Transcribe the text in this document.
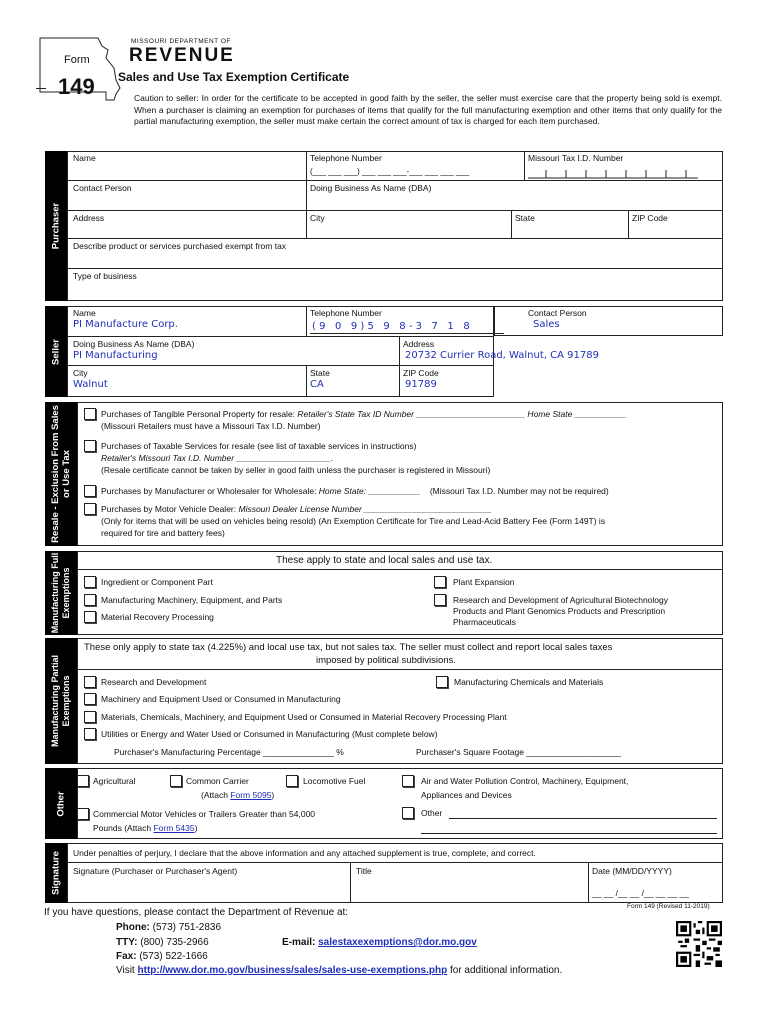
Form
149
MISSOURI DEPARTMENT OF
REVENUE
Sales and Use Tax Exemption Certificate
Caution to seller: In order for the certificate to be accepted in good faith by the seller, the seller must exercise care that the property being sold is exempt. When a purchaser is claiming an exemption for purchases of items that qualify for the full manufacturing exemption and other items that only qualify for the partial manufacturing exemption, the seller must make certain the correct amount of tax is charged for each item purchased.
Purchaser
Name	Telephone Number
(___ ___ ___) ___ ___ ___-___ ___ ___ ___
Missouri Tax I.D. Number
Contact Person	Doing Business As Name (DBA)
Address	City	State	ZIP Code
Describe product or services purchased exempt from tax
Type of business
Seller
Name
PI Manufacture Corp.
Telephone Number
( 9   0   9 ) 5   9   8 - 3   7   1   8
Contact Person
Sales
Doing Business As Name (DBA)
PI Manufacturing
Address
20732 Currier Road, Walnut, CA 91789
City
Walnut
State
CA
ZIP Code
91789
Resale - Exclusion From Sales or Use Tax
Purchases of Tangible Personal Property for resale: Retailer's State Tax ID Number _______________________ Home State ___________
(Missouri Retailers must have a Missouri Tax I.D. Number)
Purchases of Taxable Services for resale (see list of taxable services in instructions)
Retailer's Missouri Tax I.D. Number ____________________.
(Resale certificate cannot be taken by seller in good faith unless the purchaser is registered in Missouri)
Purchases by Manufacturer or Wholesaler for Wholesale: Home State: ___________    (Missouri Tax I.D. Number may not be required)
Purchases by Motor Vehicle Dealer: Missouri Dealer License Number ___________________________
(Only for items that will be used on vehicles being resold) (An Exemption Certificate for Tire and Lead-Acid Battery Fee (Form 149T) is
required for tire and battery fees)
Manufacturing Full Exemptions
These apply to state and local sales and use tax.
Ingredient or Component Part
Manufacturing Machinery, Equipment, and Parts
Material Recovery Processing
Plant Expansion
Research and Development of Agricultural Biotechnology
Products and Plant Genomics Products and Prescription
Pharmaceuticals
Manufacturing Partial Exemptions
These only apply to state tax (4.225%) and local use tax, but not sales tax. The seller must collect and report local sales taxes
imposed by political subdivisions.
Research and Development	Manufacturing Chemicals and Materials
Machinery and Equipment Used or Consumed in Manufacturing
Materials, Chemicals, Machinery, and Equipment Used or Consumed in Material Recovery Processing Plant
Utilities or Energy and Water Used or Consumed in Manufacturing (Must complete below)
Purchaser's Manufacturing Percentage _______________ %	Purchaser's Square Footage ____________________
Other
Agricultural	Common Carrier
(Attach Form 5095)
Locomotive Fuel	Air and Water Pollution Control, Machinery, Equipment,
Appliances and Devices
Commercial Motor Vehicles or Trailers Greater than 54,000
Pounds (Attach Form 5435)
Other
Signature Under penalties of perjury, I declare that the above information and any attached supplement is true, complete, and correct.
Signature (Purchaser or Purchaser's Agent)	Title	Date (MM/DD/YYYY)
__ __ /__ __ /__ __ __ __
Form 149 (Revised 11-2019)
If you have questions, please contact the Department of Revenue at:
Phone: (573) 751-2836
TTY: (800) 735-2966	E-mail: salestaxexemptions@dor.mo.gov
Fax: (573) 522-1666
Visit http://www.dor.mo.gov/business/sales/sales-use-exemptions.php for additional information.
